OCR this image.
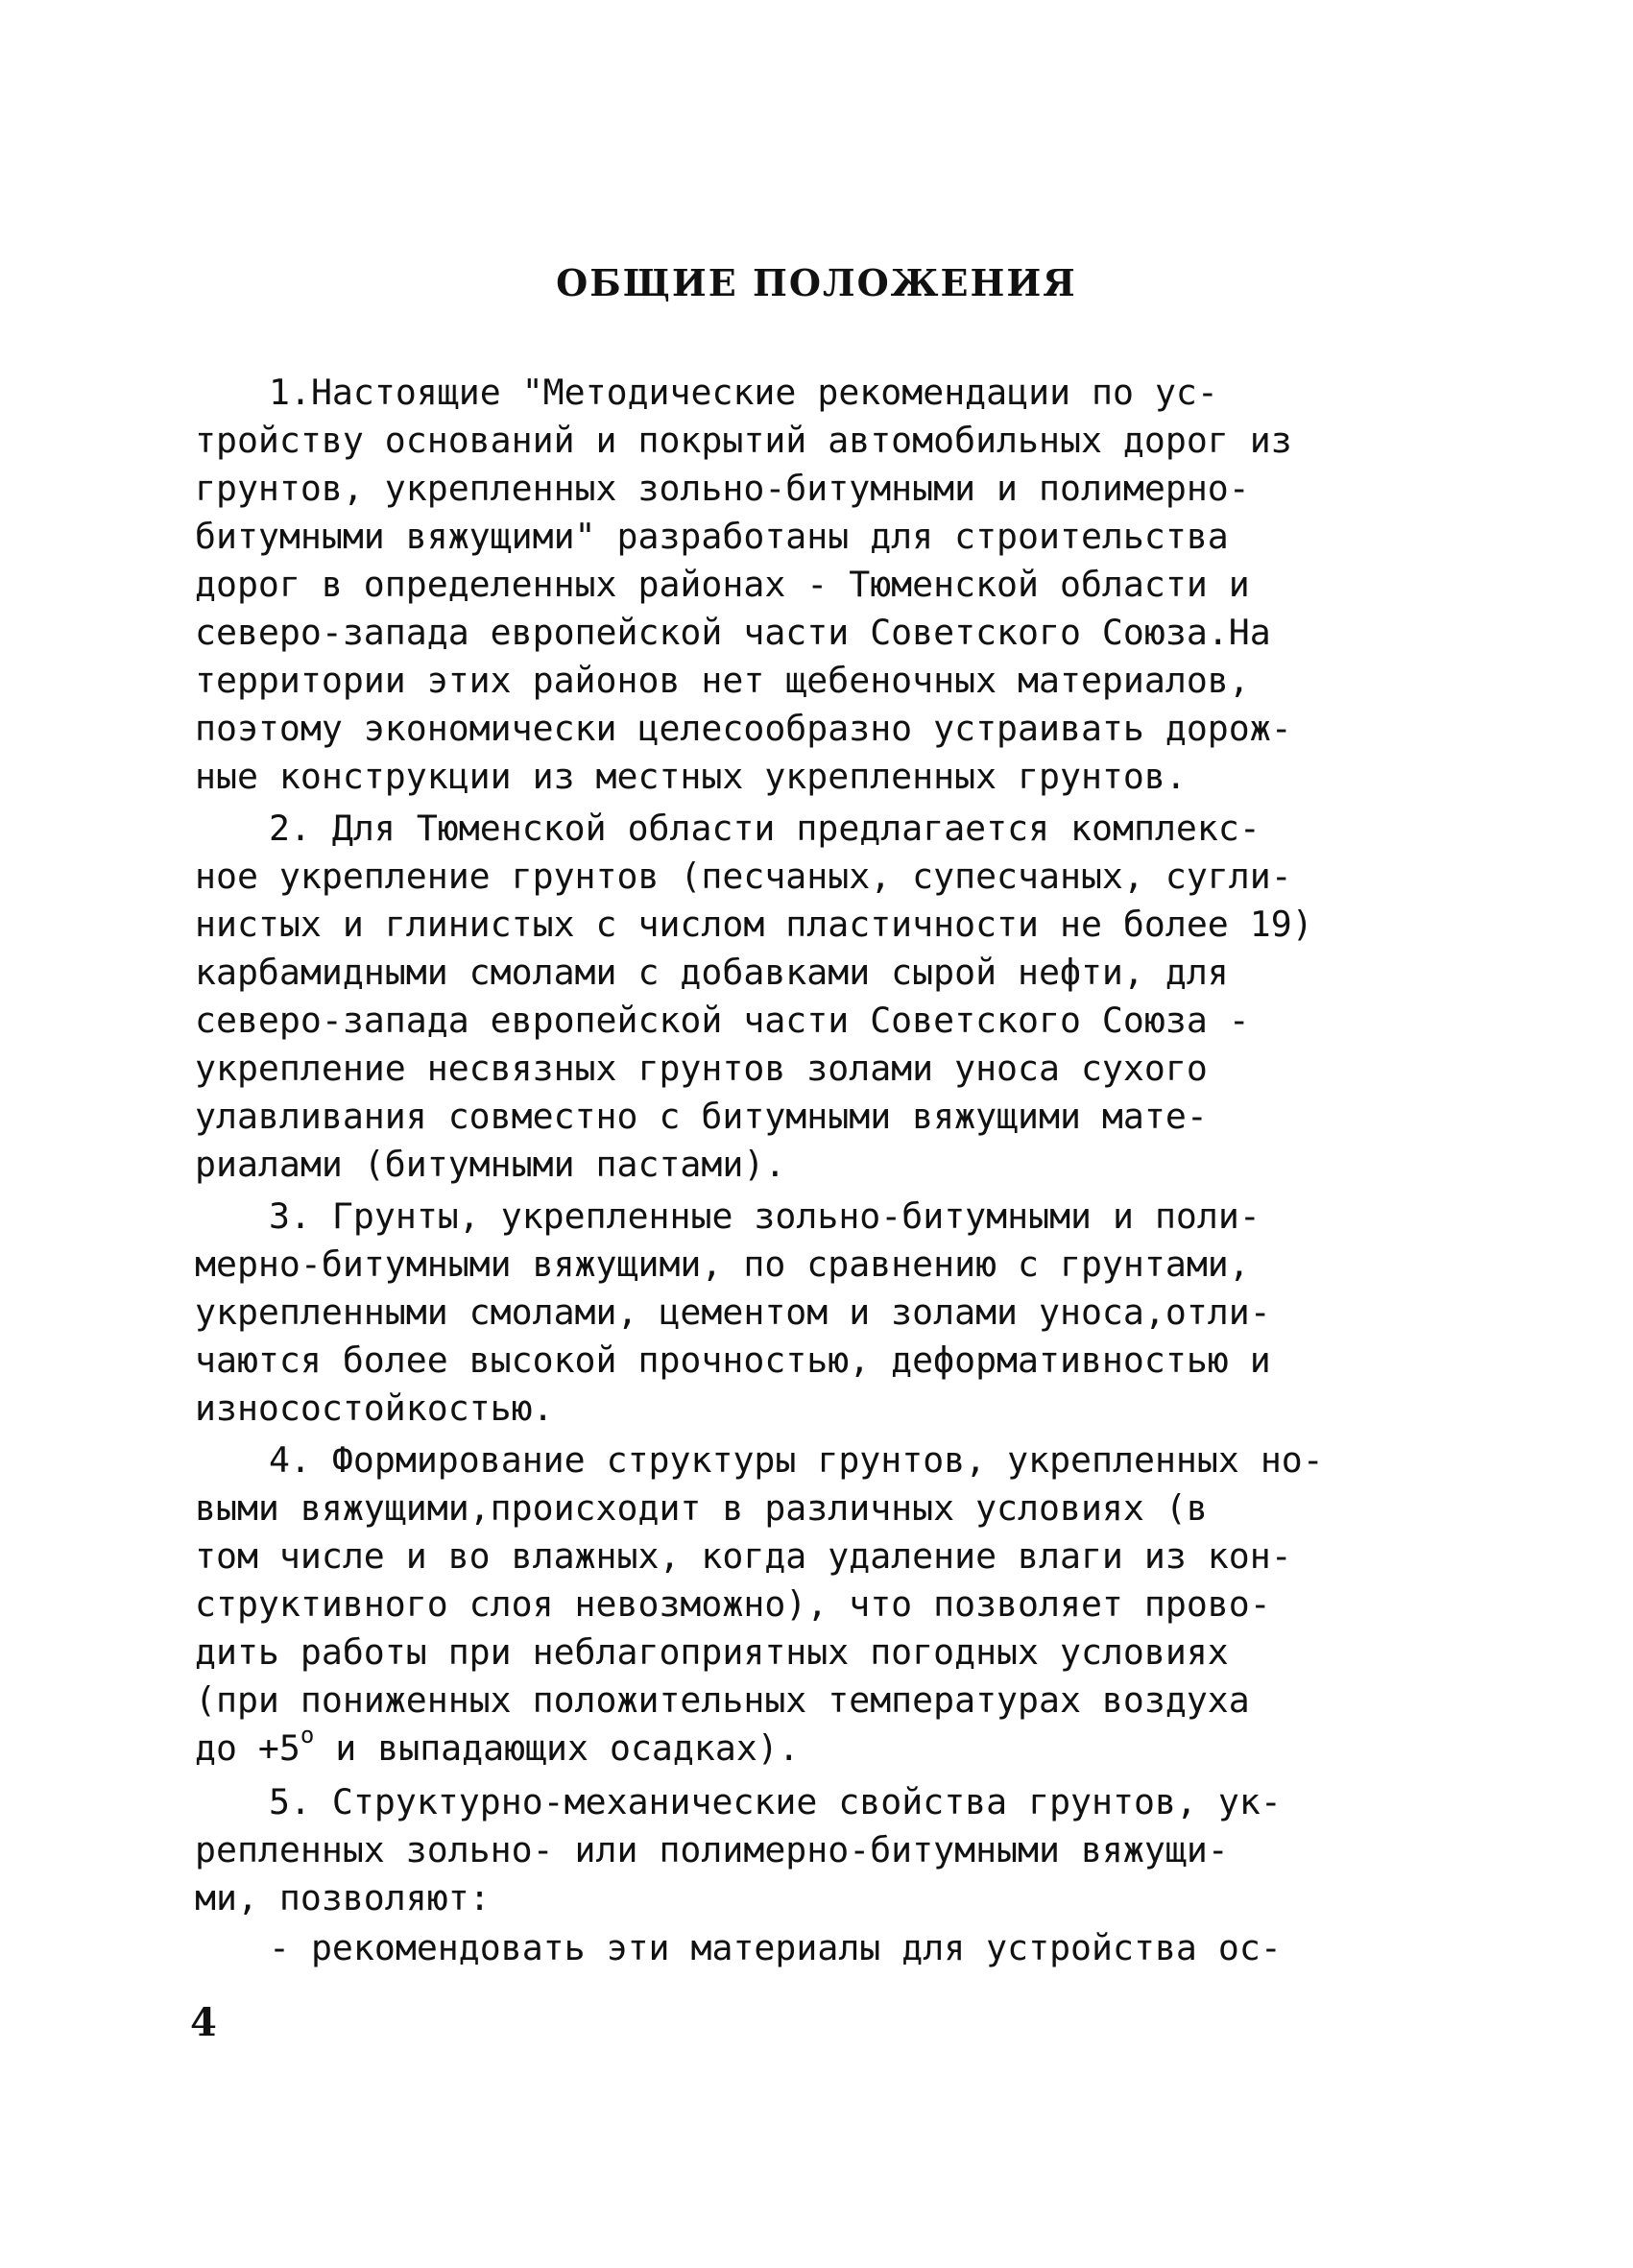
ОБЩИЕ ПОЛОЖЕНИЯ
1.Настоящие "Методические рекомендации по ус-
тройству оснований и покрытий автомобильных дорог из
грунтов, укрепленных зольно-битумными и полимерно-
битумными вяжущими" разработаны для строительства
дорог в определенных районах - Тюменской области и
северо-запада европейской части Советского Союза.На
территории этих районов нет щебеночных материалов,
поэтому экономически целесообразно устраивать дорож-
ные конструкции из местных укрепленных грунтов.
2. Для Тюменской области предлагается комплекс-
ное укрепление грунтов (песчаных, супесчаных, сугли-
нистых и глинистых с числом пластичности не более 19)
карбамидными смолами с добавками сырой нефти, для
северо-запада европейской части Советского Союза -
укрепление несвязных грунтов золами уноса сухого
улавливания совместно с битумными вяжущими мате-
риалами (битумными пастами).
3. Грунты, укрепленные зольно-битумными и поли-
мерно-битумными вяжущими, по сравнению с грунтами,
укрепленными смолами, цементом и золами уноса,отли-
чаются более высокой прочностью, деформативностью и
износостойкостью.
4. Формирование структуры грунтов, укрепленных но-
выми вяжущими,происходит в различных условиях (в
том числе и во влажных, когда удаление влаги из кон-
структивного слоя невозможно), что позволяет прово-
дить работы при неблагоприятных погодных условиях
(при пониженных положительных температурах воздуха
до $+5^о$ и выпадающих осадках).
5. Структурно-механические свойства грунтов, ук-
репленных зольно- или полимерно-битумными вяжущи-
ми, позволяют:
- рекомендовать эти материалы для устройства ос-
4
